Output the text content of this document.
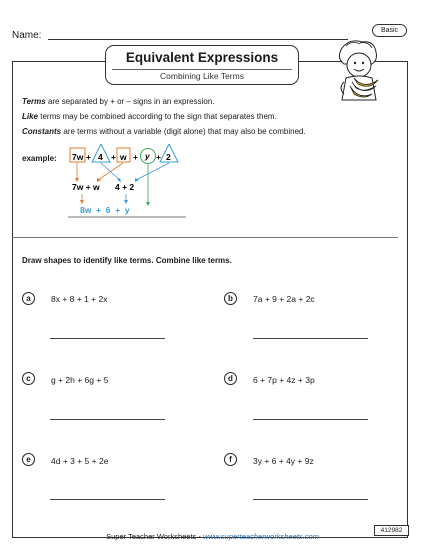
Name:	Basic
Equivalent Expressions
Combining Like Terms
Terms are separated by + or – signs in an expression.
Like terms may be combined according to the sign that separates them.
Constants are terms without a variable (digit alone) that may also be combined.
example: 7w + 4 + w + y + 2
7w + w 4 + 2
8w  +  6  +  y
Draw shapes to identify like terms. Combine like terms.
a	8x + 8 + 1 + 2x	b	7a + 9 + 2a + 2c
c	g + 2h + 6g + 5	d	6 + 7p + 4z + 3p
e	4d + 3 + 5 + 2e	f	3y + 6 + 4y + 9z
412982
Super Teacher Worksheets - www.superteacherworksheets.com
